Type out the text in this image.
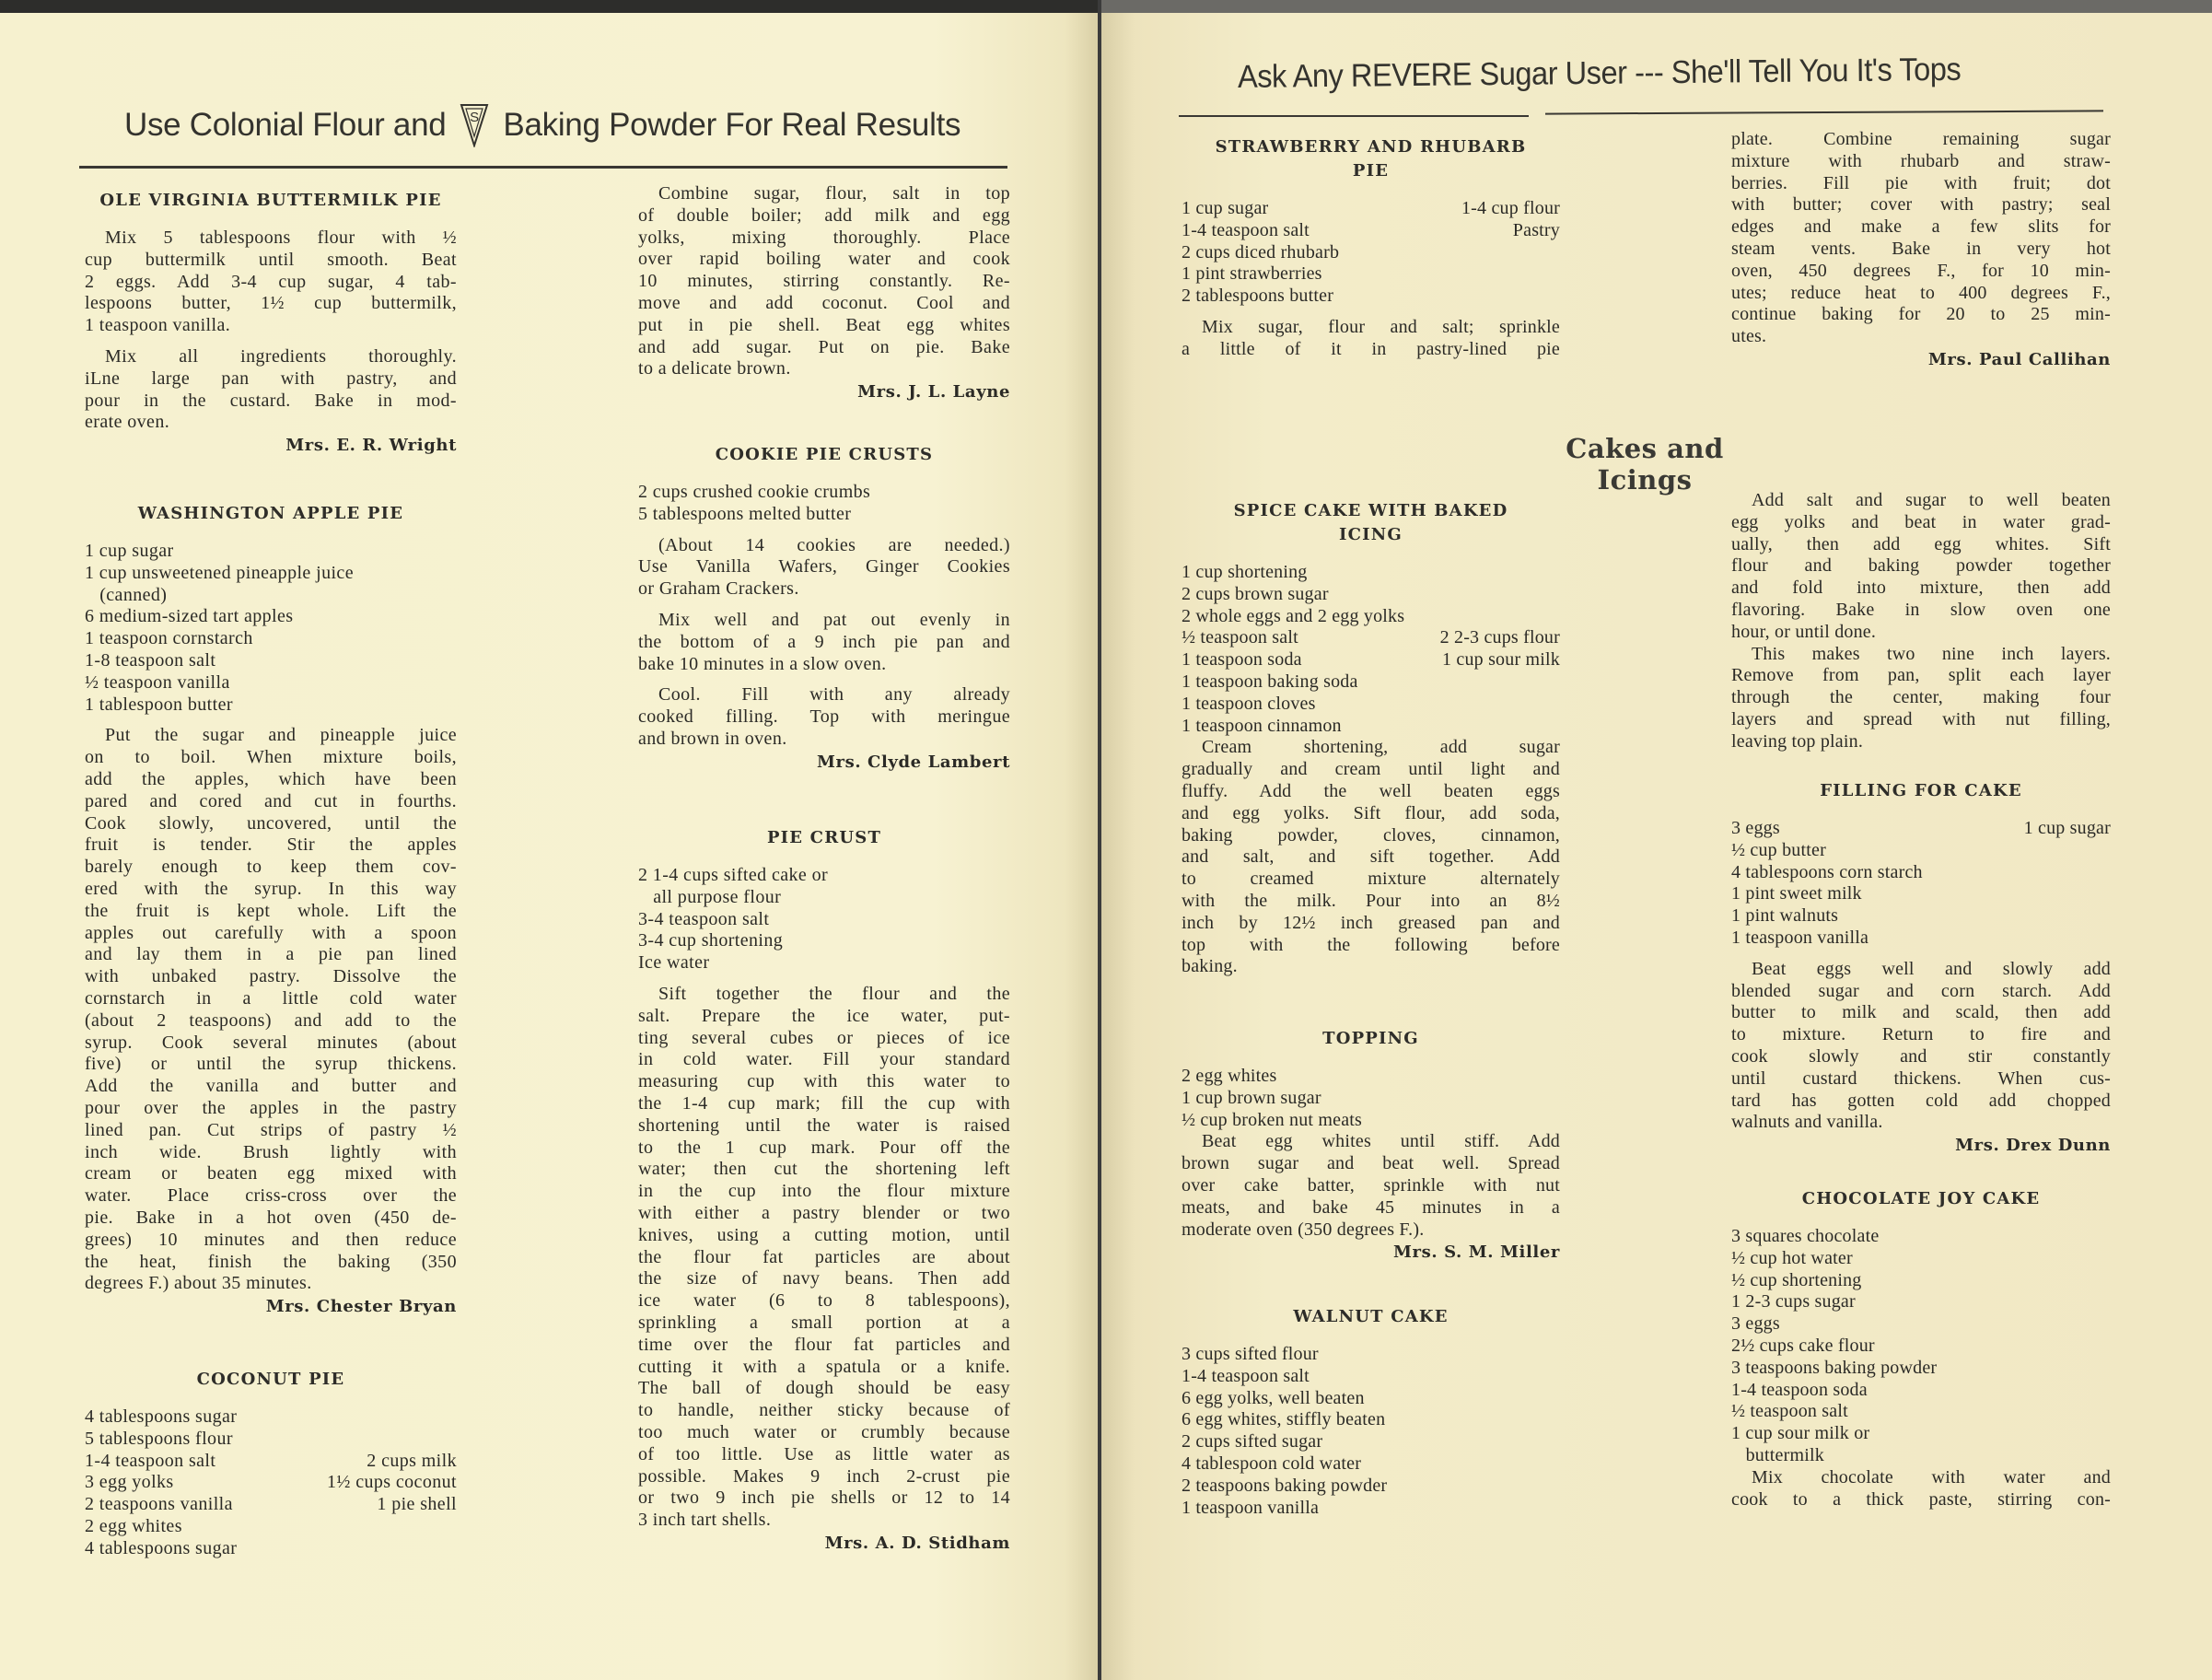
Use Colonial Flour and S Baking Powder For Real Results
OLE VIRGINIA BUTTERMILK PIE
Mix 5 tablespoons flour with ½
cup buttermilk until smooth. Beat
2 eggs. Add 3-4 cup sugar, 4 tab-
lespoons butter, 1½ cup buttermilk,
1 teaspoon vanilla.
Mix all ingredients thoroughly.
iLne large pan with pastry, and
pour in the custard. Bake in mod-
erate oven.
Mrs. E. R. Wright
WASHINGTON APPLE PIE
1 cup sugar
1 cup unsweetened pineapple juice
(canned)
6 medium-sized tart apples
1 teaspoon cornstarch
1-8 teaspoon salt
½ teaspoon vanilla
1 tablespoon butter
Put the sugar and pineapple juice
on to boil. When mixture boils,
add the apples, which have been
pared and cored and cut in fourths.
Cook slowly, uncovered, until the
fruit is tender. Stir the apples
barely enough to keep them cov-
ered with the syrup. In this way
the fruit is kept whole. Lift the
apples out carefully with a spoon
and lay them in a pie pan lined
with unbaked pastry. Dissolve the
cornstarch in a little cold water
(about 2 teaspoons) and add to the
syrup. Cook several minutes (about
five) or until the syrup thickens.
Add the vanilla and butter and
pour over the apples in the pastry
lined pan. Cut strips of pastry ½
inch wide. Brush lightly with
cream or beaten egg mixed with
water. Place criss-cross over the
pie. Bake in a hot oven (450 de-
grees) 10 minutes and then reduce
the heat, finish the baking (350
degrees F.) about 35 minutes.
Mrs. Chester Bryan
COCONUT PIE
4 tablespoons sugar
5 tablespoons flour
1-4 teaspoon salt	2 cups milk
3 egg yolks	1½ cups coconut
2 teaspoons vanilla	1 pie shell
2 egg whites
4 tablespoons sugar
Combine sugar, flour, salt in top
of double boiler; add milk and egg
yolks, mixing thoroughly. Place
over rapid boiling water and cook
10 minutes, stirring constantly. Re-
move and add coconut. Cool and
put in pie shell. Beat egg whites
and add sugar. Put on pie. Bake
to a delicate brown.
Mrs. J. L. Layne
COOKIE PIE CRUSTS
2 cups crushed cookie crumbs
5 tablespoons melted butter
(About 14 cookies are needed.)
Use Vanilla Wafers, Ginger Cookies
or Graham Crackers.
Mix well and pat out evenly in
the bottom of a 9 inch pie pan and
bake 10 minutes in a slow oven.
Cool. Fill with any already
cooked filling. Top with meringue
and brown in oven.
Mrs. Clyde Lambert
PIE CRUST
2 1-4 cups sifted cake or
all purpose flour
3-4 teaspoon salt
3-4 cup shortening
Ice water
Sift together the flour and the
salt. Prepare the ice water, put-
ting several cubes or pieces of ice
in cold water. Fill your standard
measuring cup with this water to
the 1-4 cup mark; fill the cup with
shortening until the water is raised
to the 1 cup mark. Pour off the
water; then cut the shortening left
in the cup into the flour mixture
with either a pastry blender or two
knives, using a cutting motion, until
the flour fat particles are about
the size of navy beans. Then add
ice water (6 to 8 tablespoons),
sprinkling a small portion at a
time over the flour fat particles and
cutting it with a spatula or a knife.
The ball of dough should be easy
to handle, neither sticky because of
too much water or crumbly because
of too little. Use as little water as
possible. Makes 9 inch 2-crust pie
or two 9 inch pie shells or 12 to 14
3 inch tart shells.
Mrs. A. D. Stidham
Ask Any REVERE Sugar User --- She'll Tell You It's Tops
Cakes and Icings
STRAWBERRY AND RHUBARB
PIE
1 cup sugar	1-4 cup flour
1-4 teaspoon salt	Pastry
2 cups diced rhubarb
1 pint strawberries
2 tablespoons butter
Mix sugar, flour and salt; sprinkle
a little of it in pastry-lined pie
SPICE CAKE WITH BAKED
ICING
1 cup shortening
2 cups brown sugar
2 whole eggs and 2 egg yolks
½ teaspoon salt	2 2-3 cups flour
1 teaspoon soda	1 cup sour milk
1 teaspoon baking soda
1 teaspoon cloves
1 teaspoon cinnamon
Cream shortening, add sugar
gradually and cream until light and
fluffy. Add the well beaten eggs
and egg yolks. Sift flour, add soda,
baking powder, cloves, cinnamon,
and salt, and sift together. Add
to creamed mixture alternately
with the milk. Pour into an 8½
inch by 12½ inch greased pan and
top with the following before
baking.
TOPPING
2 egg whites
1 cup brown sugar
½ cup broken nut meats
Beat egg whites until stiff. Add
brown sugar and beat well. Spread
over cake batter, sprinkle with nut
meats, and bake 45 minutes in a
moderate oven (350 degrees F.).
Mrs. S. M. Miller
WALNUT CAKE
3 cups sifted flour
1-4 teaspoon salt
6 egg yolks, well beaten
6 egg whites, stiffly beaten
2 cups sifted sugar
4 tablespoon cold water
2 teaspoons baking powder
1 teaspoon vanilla
plate. Combine remaining sugar
mixture with rhubarb and straw-
berries. Fill pie with fruit; dot
with butter; cover with pastry; seal
edges and make a few slits for
steam vents. Bake in very hot
oven, 450 degrees F., for 10 min-
utes; reduce heat to 400 degrees F.,
continue baking for 20 to 25 min-
utes.
Mrs. Paul Callihan
Add salt and sugar to well beaten
egg yolks and beat in water grad-
ually, then add egg whites. Sift
flour and baking powder together
and fold into mixture, then add
flavoring. Bake in slow oven one
hour, or until done.
This makes two nine inch layers.
Remove from pan, split each layer
through the center, making four
layers and spread with nut filling,
leaving top plain.
FILLING FOR CAKE
3 eggs	1 cup sugar
½ cup butter
4 tablespoons corn starch
1 pint sweet milk
1 pint walnuts
1 teaspoon vanilla
Beat eggs well and slowly add
blended sugar and corn starch. Add
butter to milk and scald, then add
to mixture. Return to fire and
cook slowly and stir constantly
until custard thickens. When cus-
tard has gotten cold add chopped
walnuts and vanilla.
Mrs. Drex Dunn
CHOCOLATE JOY CAKE
3 squares chocolate
½ cup hot water
½ cup shortening
1 2-3 cups sugar
3 eggs
2½ cups cake flour
3 teaspoons baking powder
1-4 teaspoon soda
½ teaspoon salt
1 cup sour milk or
buttermilk
Mix chocolate with water and
cook to a thick paste, stirring con-
